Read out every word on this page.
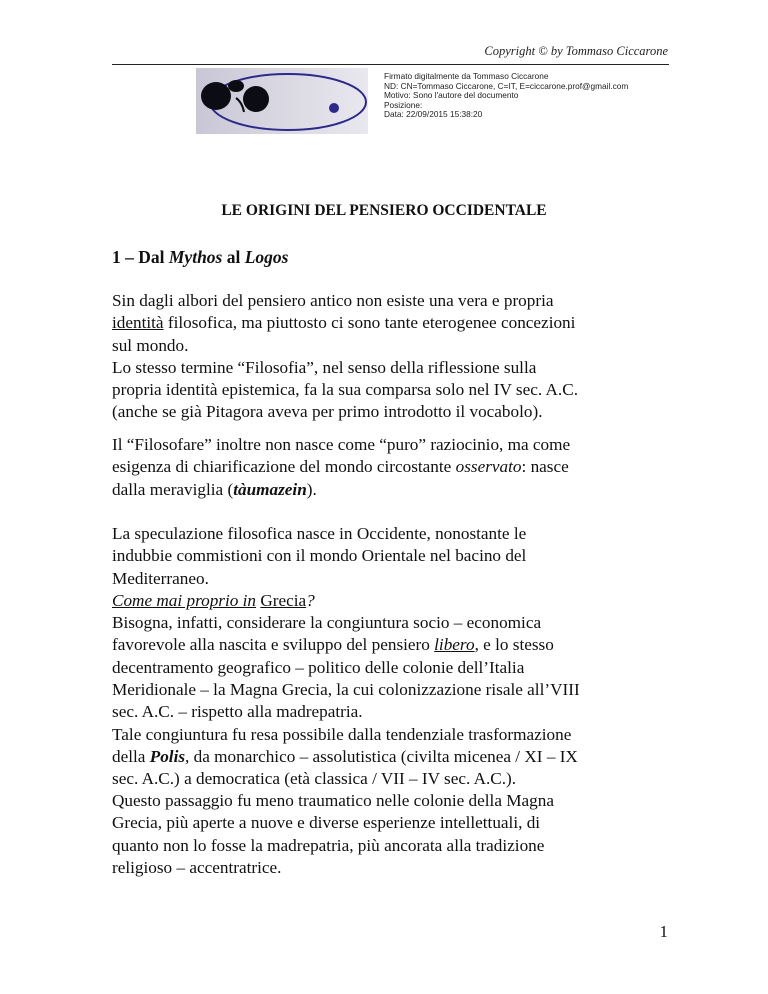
Copyright © by Tommaso Ciccarone
Firmato digitalmente da Tommaso Ciccarone
ND: CN=Tommaso Ciccarone, C=IT, E=ciccarone.prof@gmail.com
Motivo: Sono l'autore del documento
Posizione:
Data: 22/09/2015 15:38:20
LE ORIGINI DEL PENSIERO OCCIDENTALE
1 – Dal Mythos al Logos
Sin dagli albori del pensiero antico non esiste una vera e propria
identità filosofica, ma piuttosto ci sono tante eterogenee concezioni
sul mondo.
Lo stesso termine “Filosofia”, nel senso della riflessione sulla
propria identità epistemica, fa la sua comparsa solo nel IV sec. A.C.
(anche se già Pitagora aveva per primo introdotto il vocabolo).
Il “Filosofare” inoltre non nasce come “puro” raziocinio, ma come
esigenza di chiarificazione del mondo circostante osservato: nasce
dalla meraviglia (tàumazein).
La speculazione filosofica nasce in Occidente, nonostante le
indubbie commistioni con il mondo Orientale nel bacino del
Mediterraneo.
Come mai proprio in Grecia?
Bisogna, infatti, considerare la congiuntura socio – economica
favorevole alla nascita e sviluppo del pensiero libero, e lo stesso
decentramento geografico – politico delle colonie dell’Italia
Meridionale – la Magna Grecia, la cui colonizzazione risale all’VIII
sec. A.C. – rispetto alla madrepatria.
Tale congiuntura fu resa possibile dalla tendenziale trasformazione
della Polis, da monarchico – assolutistica (civilta micenea / XI – IX
sec. A.C.) a democratica (età classica / VII – IV sec. A.C.).
Questo passaggio fu meno traumatico nelle colonie della Magna
Grecia, più aperte a nuove e diverse esperienze intellettuali, di
quanto non lo fosse la madrepatria, più ancorata alla tradizione
religioso – accentratrice.
1
